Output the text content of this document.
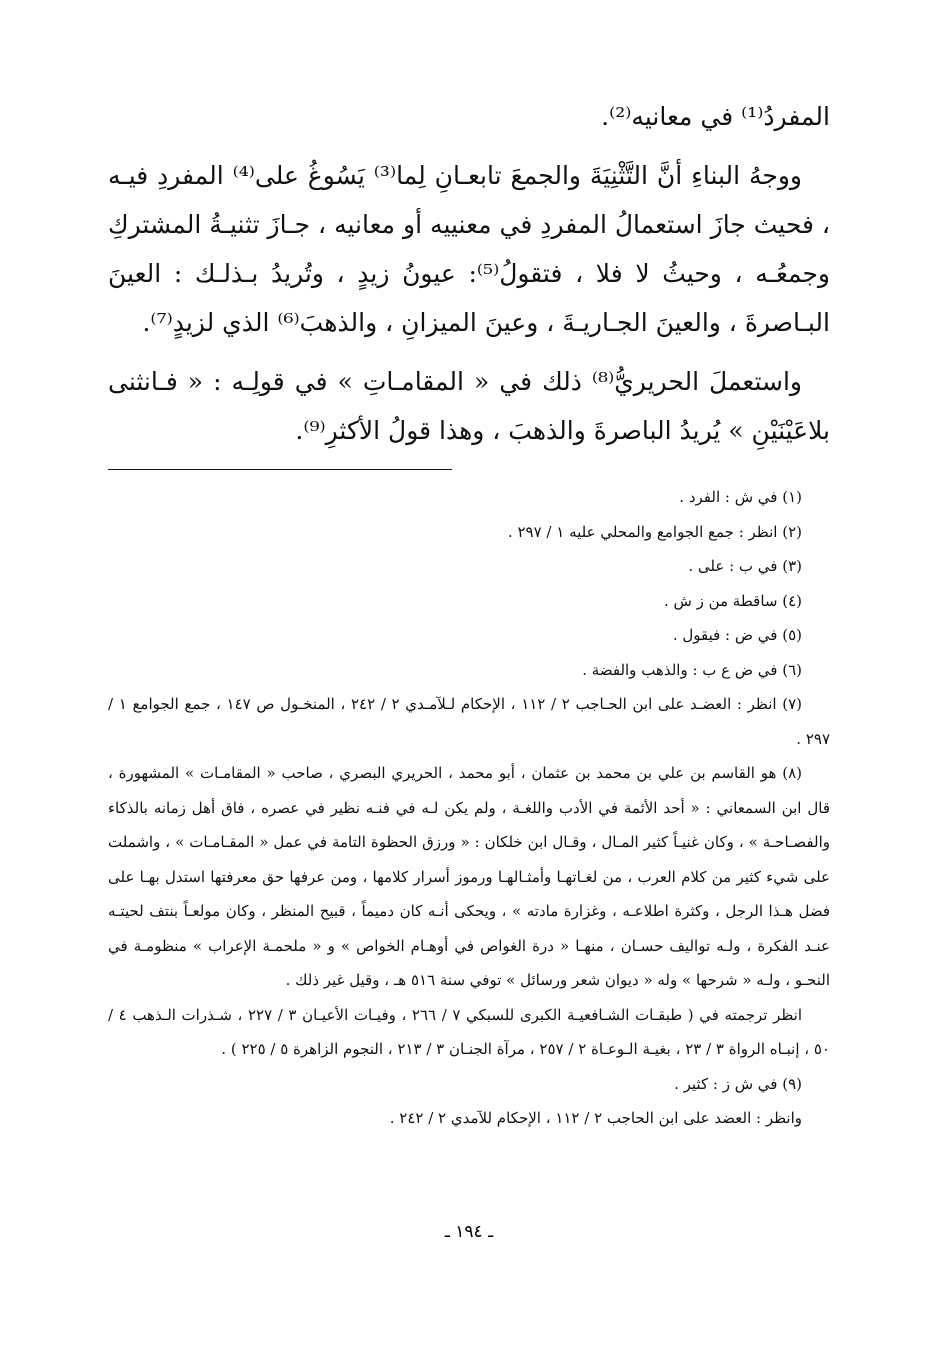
المفردُ⁽¹⁾ في معانيه⁽²⁾.

ووجهُ البناءِ أنَّ التَّثْنِيَةَ والجمعَ تابعـانِ لِما⁽³⁾ يَسُوغُ على⁽⁴⁾ المفردِ فيـه ، فحيث جازَ استعمالُ المفردِ في معنييه أو معانيه ، جـازَ تثنيـةُ المشتركِ وجمعُـه ، وحيثُ لا فلا ، فتقولُ⁽⁵⁾: عيونُ زيدٍ ، وتُريدُ بـذلـك : العينَ البـاصرةَ ، والعينَ الجـاريـةَ ، وعينَ الميزانِ ، والذهبَ⁽⁶⁾ الذي لزيدٍ⁽⁷⁾.

واستعملَ الحريريُّ⁽⁸⁾ ذلك في « المقامـاتِ » في قولِـه : « فـانثنى بلاعَيْنَيْنِ » يُريدُ الباصرةَ والذهبَ ، وهذا قولُ الأكثرِ⁽⁹⁾.

(١) في ش : الفرد .

(٢) انظر : جمع الجوامع والمحلي عليه ١ / ٢٩٧ .

(٣) في ب : على .

(٤) ساقطة من ز ش .

(٥) في ض : فيقول .

(٦) في ض ع ب : والذهب والفضة .

(٧) انظر : العضـد على ابن الحـاجب ٢ / ١١٢ ، الإحكام لـلآمـدي ٢ / ٢٤٢ ، المنخـول ص ١٤٧ ، جمع الجوامع ١ / ٢٩٧ .

(٨) هو القاسم بن علي بن محمد بن عثمان ، أبو محمد ، الحريري البصري ، صاحب « المقامـات » المشهورة ، قال ابن السمعاني : « أحد الأئمة في الأدب واللغـة ، ولم يكن لـه في فنـه نظير في عصره ، فاق أهل زمانه بالذكاء والفصـاحـة » ، وكان غنيـاً كثير المـال ، وقـال ابن خلكان : « ورزق الحظوة التامة في عمل « المقـامـات » ، واشملت على شيء كثير من كلام العرب ، من لغـاتهـا وأمثـالهـا ورموز أسرار كلامها ، ومن عرفها حق معرفتها استدل بهـا على فضل هـذا الرجل ، وكثرة اطلاعـه ، وغزارة مادته » ، ويحكى أنـه كان دميماً ، قبيح المنظر ، وكان مولعـاً بنتف لحيتـه عنـد الفكرة ، ولـه تواليف حسـان ، منهـا « درة الغواص في أوهـام الخواص » و « ملحمـة الإعراب » منظومـة في النحـو ، ولـه « شرحها » وله « ديوان شعر ورسائل » توفي سنة ٥١٦ هـ ، وقيل غير ذلك .

انظر ترجمته في ( طبقـات الشـافعيـة الكبرى للسبكي ٧ / ٢٦٦ ، وفيـات الأعيـان ٣ / ٢٢٧ ، شـذرات الـذهب ٤ / ٥٠ ، إنبـاه الرواة ٣ / ٢٣ ، بغيـة الـوعـاة ٢ / ٢٥٧ ، مرآة الجنـان ٣ / ٢١٣ ، النجوم الزاهرة ٥ / ٢٢٥ ) .

(٩) في ش ز : كثير .

وانظر : العضد على ابن الحاجب ٢ / ١١٢ ، الإحكام للآمدي ٢ / ٢٤٢ .

ـ ١٩٤ ـ
